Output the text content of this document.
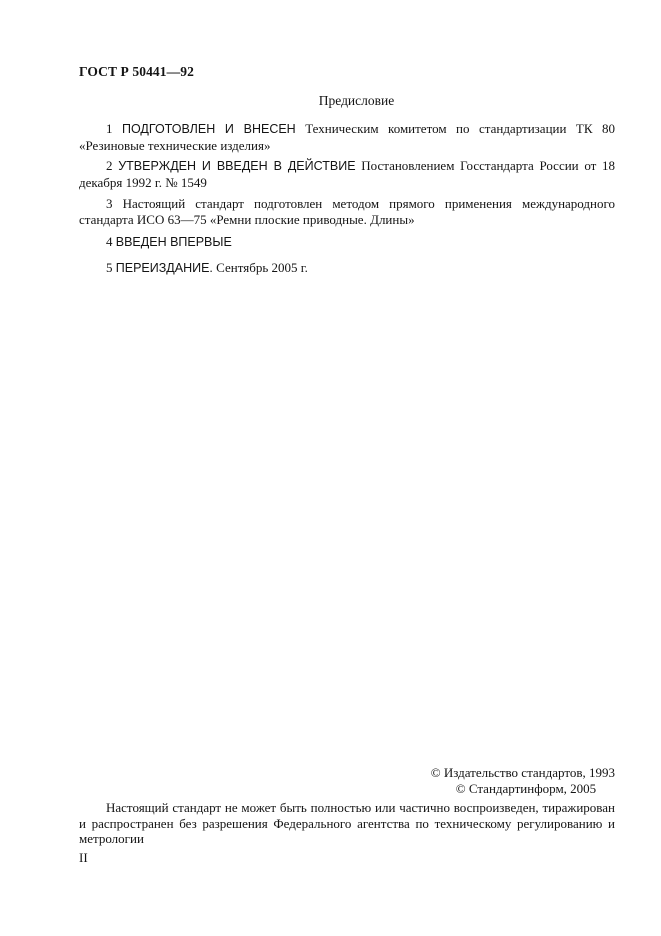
ГОСТ Р 50441—92
Предисловие
1 ПОДГОТОВЛЕН И ВНЕСЕН Техническим комитетом по стандартизации ТК 80 «Резиновые технические изделия»
2 УТВЕРЖДЕН И ВВЕДЕН В ДЕЙСТВИЕ Постановлением Госстандарта России от 18 декабря 1992 г. № 1549
3 Настоящий стандарт подготовлен методом прямого применения международного стандарта ИСО 63—75 «Ремни плоские приводные. Длины»
4 ВВЕДЕН ВПЕРВЫЕ
5 ПЕРЕИЗДАНИЕ. Сентябрь 2005 г.
© Издательство стандартов, 1993
© Стандартинформ, 2005
Настоящий стандарт не может быть полностью или частично воспроизведен, тиражирован и распространен без разрешения Федерального агентства по техническому регулированию и метрологии
II
